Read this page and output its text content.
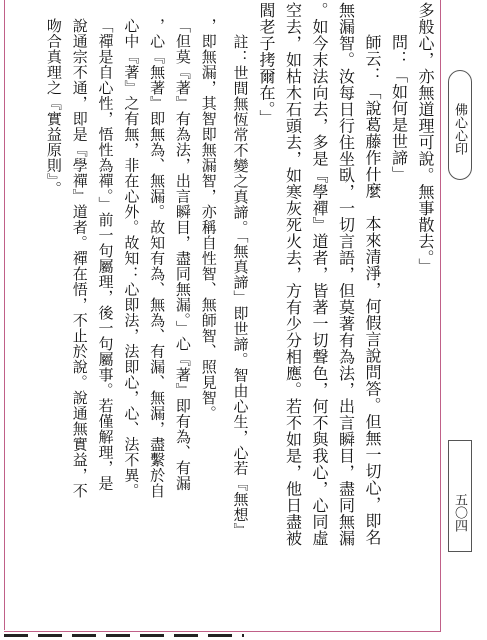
多般心，亦無道理可說。無事散去。」

問：「如何是世諦」

師云：「說葛藤作什麼　本來清淨，何假言說問答。但無一切心，即名

無漏智。汝每日行住坐臥，一切言語，但莫著有為法，出言瞬目，盡同無漏

。如今末法向去，多是『學禪』道者，皆著一切聲色，何不與我心，心同虛

空去，如枯木石頭去，如寒灰死火去，方有少分相應。若不如是，他日盡被

閻老子拷爾在。」

註：世間無恆常不變之真諦。「無真諦」即世諦。智由心生，心若『無想』

，即無漏，其智即無漏智，亦稱自性智、無師智、照見智。

「但莫『著』有為法，出言瞬目，盡同無漏。」心『著』即有為、有漏

，心『無著』即無為、無漏。故知有為、無為、有漏、無漏，盡繫於自

心中『著』之有無，非在心外。故知：心即法，法即心，心、法不異。

「禪是自心性，悟性為禪。」前一句屬理，後一句屬事。若僅解理，是

說通宗不通，即是『學禪』道者。禪在悟，不止於說。說通無實益，不

吻合真理之『實益原則』。	佛心心印
五〇四
